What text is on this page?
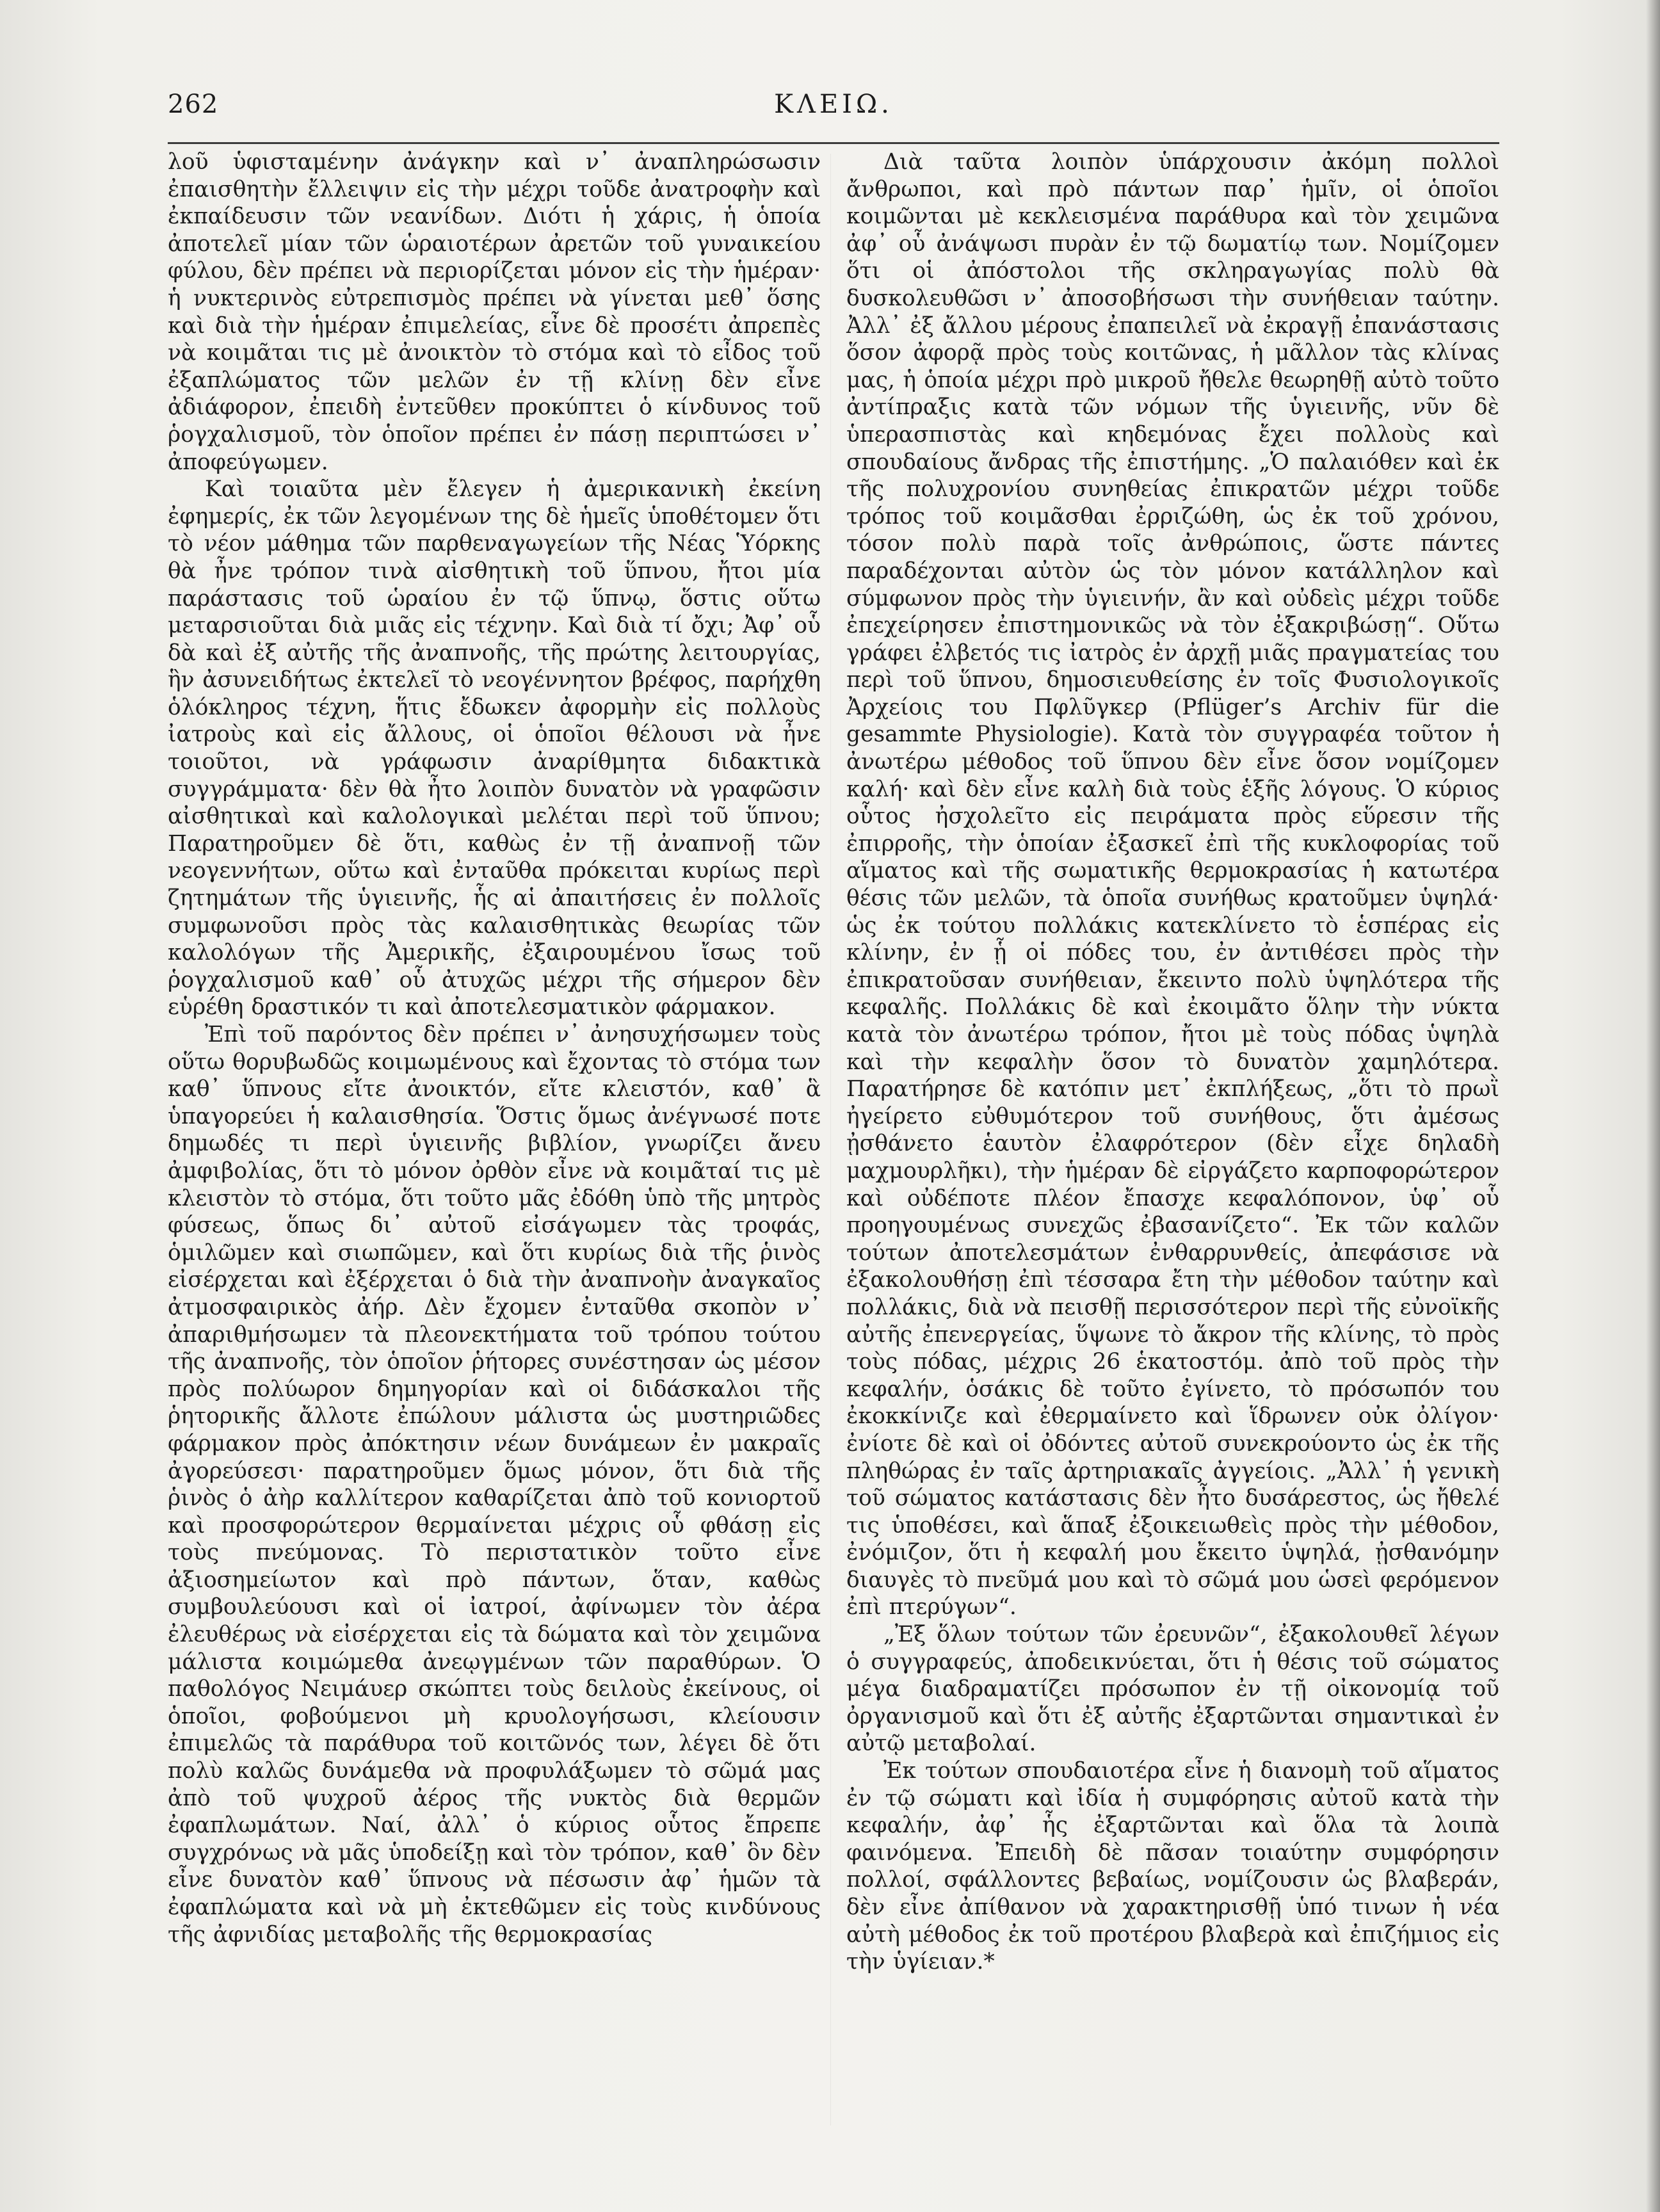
262	ΚΛΕΙΩ.

λοῦ ὑφισταμένην ἀνάγκην καὶ ν᾽ ἀναπληρώσωσιν ἐπαισθητὴν ἔλλειψιν εἰς τὴν μέχρι τοῦδε ἀνατροφὴν καὶ ἐκπαίδευσιν τῶν νεανίδων. Διότι ἡ χάρις, ἡ ὁποία ἀποτελεῖ μίαν τῶν ὡραιοτέρων ἀρετῶν τοῦ γυναικείου φύλου, δὲν πρέπει νὰ περιορίζεται μόνον εἰς τὴν ἡμέραν· ἡ νυκτερινὸς εὐτρεπισμὸς πρέπει νὰ γίνεται μεθ᾽ ὅσης καὶ διὰ τὴν ἡμέραν ἐπιμελείας, εἶνε δὲ προσέτι ἀπρεπὲς νὰ κοιμᾶται τις μὲ ἀνοικτὸν τὸ στόμα καὶ τὸ εἶδος τοῦ ἐξαπλώματος τῶν μελῶν ἐν τῇ κλίνῃ δὲν εἶνε ἀδιάφορον, ἐπειδὴ ἐντεῦθεν προκύπτει ὁ κίνδυνος τοῦ ῥογχαλισμοῦ, τὸν ὁποῖον πρέπει ἐν πάσῃ περιπτώσει ν᾽ ἀποφεύγωμεν.

Καὶ τοιαῦτα μὲν ἔλεγεν ἡ ἀμερικανικὴ ἐκείνη ἐφημερίς, ἐκ τῶν λεγομένων της δὲ ἡμεῖς ὑποθέτομεν ὅτι τὸ νέον μάθημα τῶν παρθεναγωγείων τῆς Νέας Ὑόρκης θὰ ἦνε τρόπον τινὰ αἰσθητικὴ τοῦ ὕπνου, ἤτοι μία παράστασις τοῦ ὡραίου ἐν τῷ ὕπνῳ, ὅστις οὕτω μεταρσιοῦται διὰ μιᾶς εἰς τέχνην. Καὶ διὰ τί ὄχι; Ἀφ᾽ οὗ δὰ καὶ ἐξ αὐτῆς τῆς ἀναπνοῆς, τῆς πρώτης λειτουργίας, ἣν ἀσυνειδήτως ἐκτελεῖ τὸ νεογέννητον βρέφος, παρήχθη ὁλόκληρος τέχνη, ἥτις ἔδωκεν ἀφορμὴν εἰς πολλοὺς ἰατροὺς καὶ εἰς ἄλλους, οἱ ὁποῖοι θέλουσι νὰ ἦνε τοιοῦτοι, νὰ γράφωσιν ἀναρίθμητα διδακτικὰ συγγράμματα· δὲν θὰ ἦτο λοιπὸν δυνατὸν νὰ γραφῶσιν αἰσθητικαὶ καὶ καλολογικαὶ μελέται περὶ τοῦ ὕπνου; Παρατηροῦμεν δὲ ὅτι, καθὼς ἐν τῇ ἀναπνοῇ τῶν νεογεννήτων, οὕτω καὶ ἐνταῦθα πρόκειται κυρίως περὶ ζητημάτων τῆς ὑγιεινῆς, ἧς αἱ ἀπαιτήσεις ἐν πολλοῖς συμφωνοῦσι πρὸς τὰς καλαισθητικὰς θεωρίας τῶν καλολόγων τῆς Ἀμερικῆς, ἐξαιρουμένου ἴσως τοῦ ῥογχαλισμοῦ καθ᾽ οὗ ἀτυχῶς μέχρι τῆς σήμερον δὲν εὑρέθη δραστικόν τι καὶ ἀποτελεσματικὸν φάρμακον.

Ἐπὶ τοῦ παρόντος δὲν πρέπει ν᾽ ἀνησυχήσωμεν τοὺς οὕτω θορυβωδῶς κοιμωμένους καὶ ἔχοντας τὸ στόμα των καθ᾽ ὕπνους εἴτε ἀνοικτόν, εἴτε κλειστόν, καθ᾽ ἃ ὑπαγορεύει ἡ καλαισθησία. Ὅστις ὅμως ἀνέγνωσέ ποτε δημωδές τι περὶ ὑγιεινῆς βιβλίον, γνωρίζει ἄνευ ἀμφιβολίας, ὅτι τὸ μόνον ὀρθὸν εἶνε νὰ κοιμᾶταί τις μὲ κλειστὸν τὸ στόμα, ὅτι τοῦτο μᾶς ἐδόθη ὑπὸ τῆς μητρὸς φύσεως, ὅπως δι᾽ αὐτοῦ εἰσάγωμεν τὰς τροφάς, ὁμιλῶμεν καὶ σιωπῶμεν, καὶ ὅτι κυρίως διὰ τῆς ῥινὸς εἰσέρχεται καὶ ἐξέρχεται ὁ διὰ τὴν ἀναπνοὴν ἀναγκαῖος ἀτμοσφαιρικὸς ἀήρ. Δὲν ἔχομεν ἐνταῦθα σκοπὸν ν᾽ ἀπαριθμήσωμεν τὰ πλεονεκτήματα τοῦ τρόπου τούτου τῆς ἀναπνοῆς, τὸν ὁποῖον ῥήτορες συνέστησαν ὡς μέσον πρὸς πολύωρον δημηγορίαν καὶ οἱ διδάσκαλοι τῆς ῥητορικῆς ἄλλοτε ἐπώλουν μάλιστα ὡς μυστηριῶδες φάρμακον πρὸς ἀπόκτησιν νέων δυνάμεων ἐν μακραῖς ἀγορεύσεσι· παρατηροῦμεν ὅμως μόνον, ὅτι διὰ τῆς ῥινὸς ὁ ἀὴρ καλλίτερον καθαρίζεται ἀπὸ τοῦ κονιορτοῦ καὶ προσφορώτερον θερμαίνεται μέχρις οὗ φθάσῃ εἰς τοὺς πνεύμονας. Τὸ περιστατικὸν τοῦτο εἶνε ἀξιοσημείωτον καὶ πρὸ πάντων, ὅταν, καθὼς συμβουλεύουσι καὶ οἱ ἰατροί, ἀφίνωμεν τὸν ἀέρα ἐλευθέρως νὰ εἰσέρχεται εἰς τὰ δώματα καὶ τὸν χειμῶνα μάλιστα κοιμώμεθα ἀνεῳγμένων τῶν παραθύρων. Ὁ παθολόγος Νειμάυερ σκώπτει τοὺς δειλοὺς ἐκείνους, οἱ ὁποῖοι, φοβούμενοι μὴ κρυολογήσωσι, κλείουσιν ἐπιμελῶς τὰ παράθυρα τοῦ κοιτῶνός των, λέγει δὲ ὅτι πολὺ καλῶς δυνάμεθα νὰ προφυλάξωμεν τὸ σῶμά μας ἀπὸ τοῦ ψυχροῦ ἀέρος τῆς νυκτὸς διὰ θερμῶν ἐφαπλωμάτων. Ναί, ἀλλ᾽ ὁ κύριος οὗτος ἔπρεπε συγχρόνως νὰ μᾶς ὑποδείξῃ καὶ τὸν τρόπον, καθ᾽ ὃν δὲν εἶνε δυνατὸν καθ᾽ ὕπνους νὰ πέσωσιν ἀφ᾽ ἡμῶν τὰ ἐφαπλώματα καὶ νὰ μὴ ἐκτεθῶμεν εἰς τοὺς κινδύνους τῆς ἀφνιδίας μεταβολῆς τῆς θερμοκρασίας

Διὰ ταῦτα λοιπὸν ὑπάρχουσιν ἀκόμη πολλοὶ ἄνθρωποι, καὶ πρὸ πάντων παρ᾽ ἡμῖν, οἱ ὁποῖοι κοιμῶνται μὲ κεκλεισμένα παράθυρα καὶ τὸν χειμῶνα ἀφ᾽ οὗ ἀνάψωσι πυρὰν ἐν τῷ δωματίῳ των. Νομίζομεν ὅτι οἱ ἀπόστολοι τῆς σκληραγωγίας πολὺ θὰ δυσκολευθῶσι ν᾽ ἀποσοβήσωσι τὴν συνήθειαν ταύτην. Ἀλλ᾽ ἐξ ἄλλου μέρους ἐπαπειλεῖ νὰ ἐκραγῇ ἐπανάστασις ὅσον ἀφορᾷ πρὸς τοὺς κοιτῶνας, ἡ μᾶλλον τὰς κλίνας μας, ἡ ὁποία μέχρι πρὸ μικροῦ ἤθελε θεωρηθῇ αὐτὸ τοῦτο ἀντίπραξις κατὰ τῶν νόμων τῆς ὑγιεινῆς, νῦν δὲ ὑπερασπιστὰς καὶ κηδεμόνας ἔχει πολλοὺς καὶ σπουδαίους ἄνδρας τῆς ἐπιστήμης. „Ὁ παλαιόθεν καὶ ἐκ τῆς πολυχρονίου συνηθείας ἐπικρατῶν μέχρι τοῦδε τρόπος τοῦ κοιμᾶσθαι ἐρριζώθη, ὡς ἐκ τοῦ χρόνου, τόσον πολὺ παρὰ τοῖς ἀνθρώποις, ὥστε πάντες παραδέχονται αὐτὸν ὡς τὸν μόνον κατάλληλον καὶ σύμφωνον πρὸς τὴν ὑγιεινήν, ἂν καὶ οὐδεὶς μέχρι τοῦδε ἐπεχείρησεν ἐπιστημονικῶς νὰ τὸν ἐξακριβώσῃ“. Οὕτω γράφει ἐλβετός τις ἰατρὸς ἐν ἀρχῇ μιᾶς πραγματείας του περὶ τοῦ ὕπνου, δημοσιευθείσης ἐν τοῖς Φυσιολογικοῖς Ἀρχείοις του Πφλῦγκερ (Pflüger’s Archiv für die gesammte Physiologie). Κατὰ τὸν συγγραφέα τοῦτον ἡ ἀνωτέρω μέθοδος τοῦ ὕπνου δὲν εἶνε ὅσον νομίζομεν καλή· καὶ δὲν εἶνε καλὴ διὰ τοὺς ἑξῆς λόγους. Ὁ κύριος οὗτος ἠσχολεῖτο εἰς πειράματα πρὸς εὕρεσιν τῆς ἐπιρροῆς, τὴν ὁποίαν ἐξασκεῖ ἐπὶ τῆς κυκλοφορίας τοῦ αἵματος καὶ τῆς σωματικῆς θερμοκρασίας ἡ κατωτέρα θέσις τῶν μελῶν, τὰ ὁποῖα συνήθως κρατοῦμεν ὑψηλά· ὡς ἐκ τούτου πολλάκις κατεκλίνετο τὸ ἑσπέρας εἰς κλίνην, ἐν ᾗ οἱ πόδες του, ἐν ἀντιθέσει πρὸς τὴν ἐπικρατοῦσαν συνήθειαν, ἔκειντο πολὺ ὑψηλότερα τῆς κεφαλῆς. Πολλάκις δὲ καὶ ἐκοιμᾶτο ὅλην τὴν νύκτα κατὰ τὸν ἀνωτέρω τρόπον, ἤτοι μὲ τοὺς πόδας ὑψηλὰ καὶ τὴν κεφαλὴν ὅσον τὸ δυνατὸν χαμηλότερα. Παρατήρησε δὲ κατόπιν μετ᾽ ἐκπλήξεως, „ὅτι τὸ πρωῒ ἠγείρετο εὐθυμότερον τοῦ συνήθους, ὅτι ἀμέσως ᾐσθάνετο ἑαυτὸν ἐλαφρότερον (δὲν εἶχε δηλαδὴ μαχμουρλῆκι), τὴν ἡμέραν δὲ εἰργάζετο καρποφορώτερον καὶ οὐδέποτε πλέον ἔπασχε κεφαλόπονον, ὑφ᾽ οὗ προηγουμένως συνεχῶς ἐβασανίζετο“. Ἐκ τῶν καλῶν τούτων ἀποτελεσμάτων ἐνθαρρυνθείς, ἀπεφάσισε νὰ ἐξακολουθήσῃ ἐπὶ τέσσαρα ἔτη τὴν μέθοδον ταύτην καὶ πολλάκις, διὰ νὰ πεισθῇ περισσότερον περὶ τῆς εὐνοϊκῆς αὐτῆς ἐπενεργείας, ὕψωνε τὸ ἄκρον τῆς κλίνης, τὸ πρὸς τοὺς πόδας, μέχρις 26 ἑκατοστόμ. ἀπὸ τοῦ πρὸς τὴν κεφαλήν, ὁσάκις δὲ τοῦτο ἐγίνετο, τὸ πρόσωπόν του ἐκοκκίνιζε καὶ ἐθερμαίνετο καὶ ἵδρωνεν οὐκ ὀλίγον· ἐνίοτε δὲ καὶ οἱ ὀδόντες αὐτοῦ συνεκρούοντο ὡς ἐκ τῆς πληθώρας ἐν ταῖς ἀρτηριακαῖς ἀγγείοις. „Ἀλλ᾽ ἡ γενικὴ τοῦ σώματος κατάστασις δὲν ἦτο δυσάρεστος, ὡς ἤθελέ τις ὑποθέσει, καὶ ἅπαξ ἐξοικειωθεὶς πρὸς τὴν μέθοδον, ἐνόμιζον, ὅτι ἡ κεφαλή μου ἔκειτο ὑψηλά, ᾐσθανόμην διαυγὲς τὸ πνεῦμά μου καὶ τὸ σῶμά μου ὡσεὶ φερόμενον ἐπὶ πτερύγων“.

„Ἐξ ὅλων τούτων τῶν ἐρευνῶν“, ἐξακολουθεῖ λέγων ὁ συγγραφεύς, ἀποδεικνύεται, ὅτι ἡ θέσις τοῦ σώματος μέγα διαδραματίζει πρόσωπον ἐν τῇ οἰκονομίᾳ τοῦ ὀργανισμοῦ καὶ ὅτι ἐξ αὐτῆς ἐξαρτῶνται σημαντικαὶ ἐν αὐτῷ μεταβολαί.

Ἐκ τούτων σπουδαιοτέρα εἶνε ἡ διανομὴ τοῦ αἵματος ἐν τῷ σώματι καὶ ἰδία ἡ συμφόρησις αὐτοῦ κατὰ τὴν κεφαλήν, ἀφ᾽ ἧς ἐξαρτῶνται καὶ ὅλα τὰ λοιπὰ φαινόμενα. Ἐπειδὴ δὲ πᾶσαν τοιαύτην συμφόρησιν πολλοί, σφάλλοντες βεβαίως, νομίζουσιν ὡς βλαβεράν, δὲν εἶνε ἀπίθανον νὰ χαρακτηρισθῇ ὑπό τινων ἡ νέα αὐτὴ μέθοδος ἐκ τοῦ προτέρου βλαβερὰ καὶ ἐπιζήμιος εἰς τὴν ὑγίειαν.*
